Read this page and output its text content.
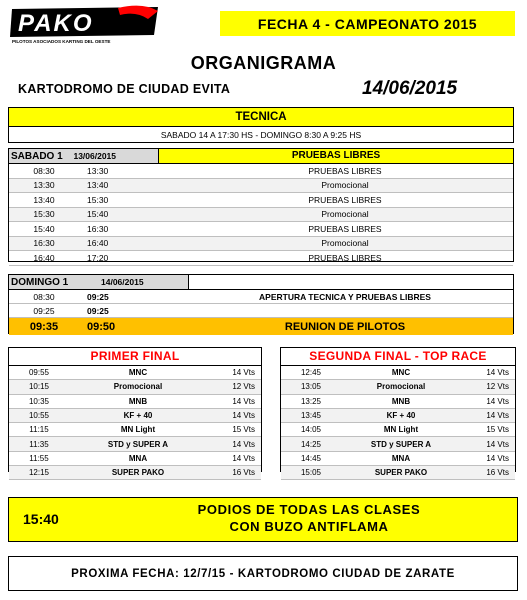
PAKO
PILOTOS ASOCIADOS KARTING DEL OESTE
FECHA 4 - CAMPEONATO 2015
ORGANIGRAMA
KARTODROMO DE CIUDAD EVITA	14/06/2015
TECNICA
SABADO 14 A 17:30 HS - DOMINGO 8:30 A 9:25 HS
SABADO 1 13/06/2015	PRUEBAS LIBRES
08:30	13:30	PRUEBAS LIBRES
13:30	13:40	Promocional
13:40	15:30	PRUEBAS LIBRES
15:30	15:40	Promocional
15:40	16:30	PRUEBAS LIBRES
16:30	16:40	Promocional
16:40	17:20	PRUEBAS LIBRES
DOMINGO 1	14/06/2015
08:30	09:25	APERTURA TECNICA Y PRUEBAS LIBRES
09:25	09:25	
09:35	09:50	REUNION DE PILOTOS
PRIMER FINAL
09:55	MNC	14 Vts
10:15	Promocional	12 Vts
10:35	MNB	14 Vts
10:55	KF + 40	14 Vts
11:15	MN Light	15 Vts
11:35	STD y SUPER A	14 Vts
11:55	MNA	14 Vts
12:15	SUPER PAKO	16 Vts
SEGUNDA FINAL - TOP RACE
12:45	MNC	14 Vts
13:05	Promocional	12 Vts
13:25	MNB	14 Vts
13:45	KF + 40	14 Vts
14:05	MN Light	15 Vts
14:25	STD y SUPER A	14 Vts
14:45	MNA	14 Vts
15:05	SUPER PAKO	16 Vts
15:40
PODIOS DE TODAS LAS CLASES
CON BUZO ANTIFLAMA
PROXIMA FECHA: 12/7/15 - KARTODROMO CIUDAD DE ZARATE
